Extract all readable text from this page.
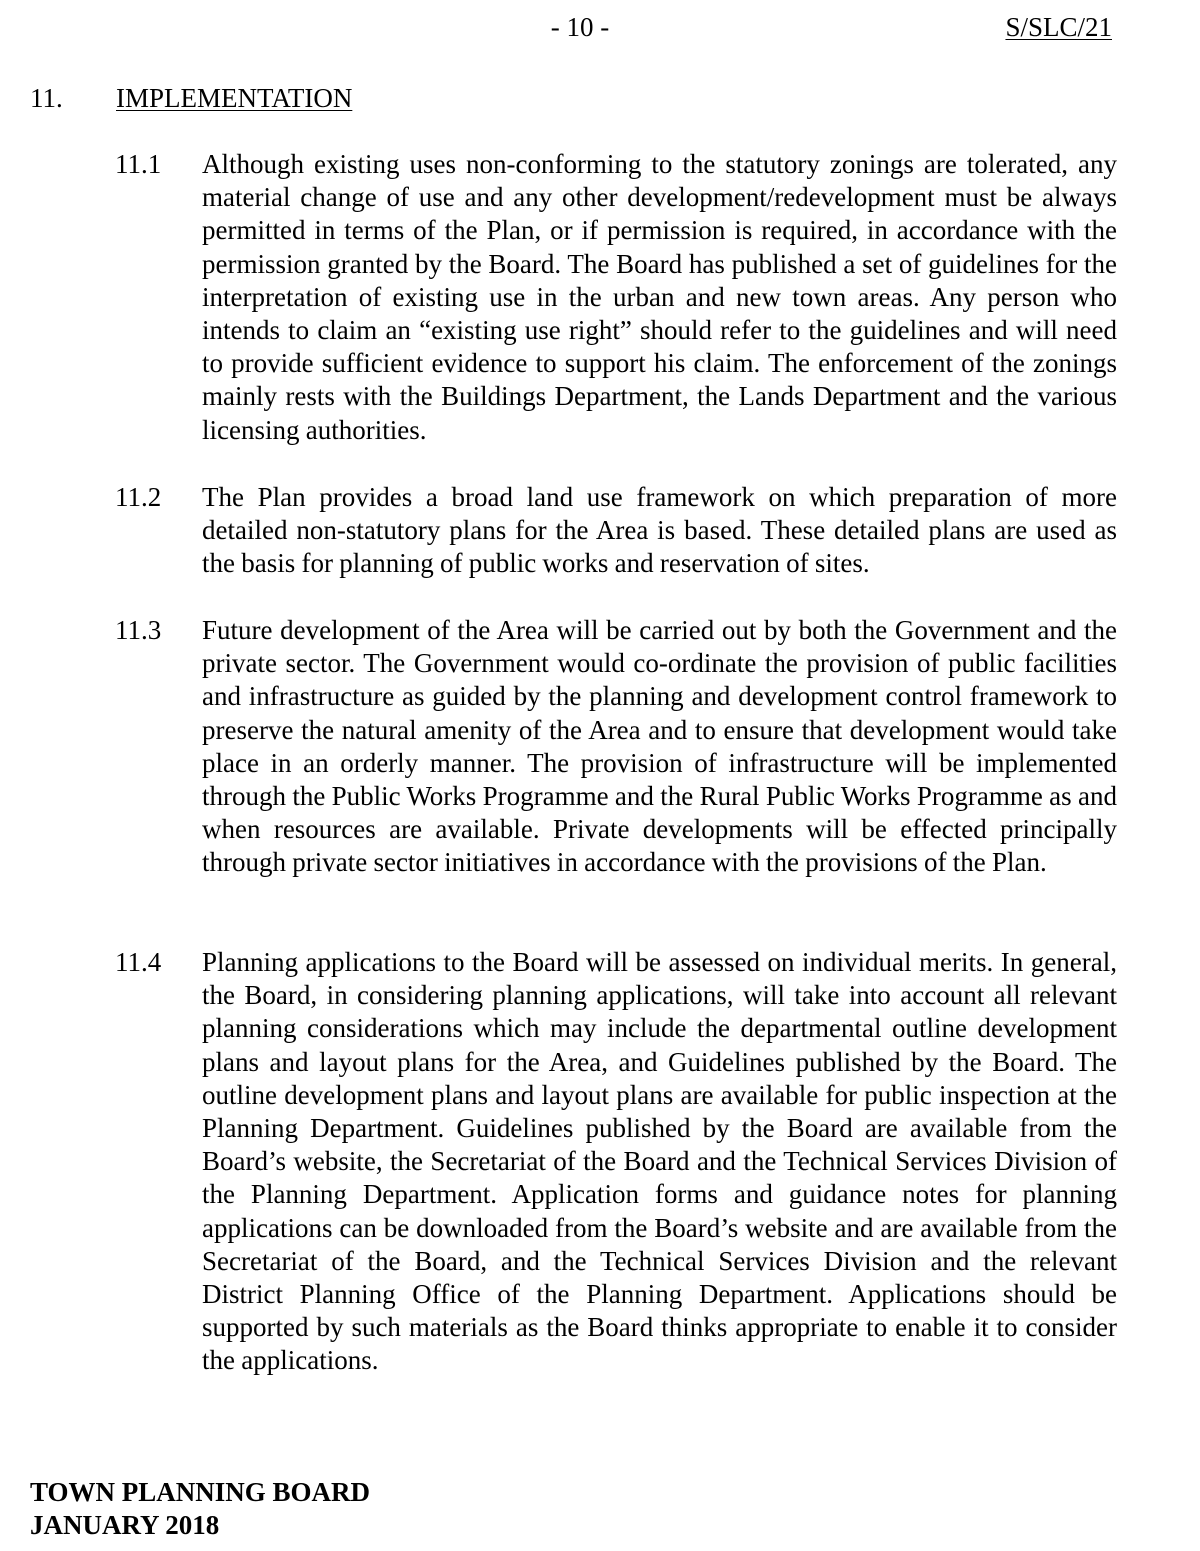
- 10 -	S/SLC/21
11. IMPLEMENTATION
11.1	Although existing uses non-conforming to the statutory zonings are tolerated, any material change of use and any other development/redevelopment must be always permitted in terms of the Plan, or if permission is required, in accordance with the permission granted by the Board. The Board has published a set of guidelines for the interpretation of existing use in the urban and new town areas. Any person who intends to claim an “existing use right” should refer to the guidelines and will need to provide sufficient evidence to support his claim. The enforcement of the zonings mainly rests with the Buildings Department, the Lands Department and the various licensing authorities.
11.2	The Plan provides a broad land use framework on which preparation of more detailed non-statutory plans for the Area is based. These detailed plans are used as the basis for planning of public works and reservation of sites.
11.3	Future development of the Area will be carried out by both the Government and the private sector. The Government would co-ordinate the provision of public facilities and infrastructure as guided by the planning and development control framework to preserve the natural amenity of the Area and to ensure that development would take place in an orderly manner. The provision of infrastructure will be implemented through the Public Works Programme and the Rural Public Works Programme as and when resources are available. Private developments will be effected principally through private sector initiatives in accordance with the provisions of the Plan.
11.4	Planning applications to the Board will be assessed on individual merits. In general, the Board, in considering planning applications, will take into account all relevant planning considerations which may include the departmental outline development plans and layout plans for the Area, and Guidelines published by the Board. The outline development plans and layout plans are available for public inspection at the Planning Department. Guidelines published by the Board are available from the Board’s website, the Secretariat of the Board and the Technical Services Division of the Planning Department. Application forms and guidance notes for planning applications can be downloaded from the Board’s website and are available from the Secretariat of the Board, and the Technical Services Division and the relevant District Planning Office of the Planning Department. Applications should be supported by such materials as the Board thinks appropriate to enable it to consider the applications.
TOWN PLANNING BOARD
JANUARY 2018
